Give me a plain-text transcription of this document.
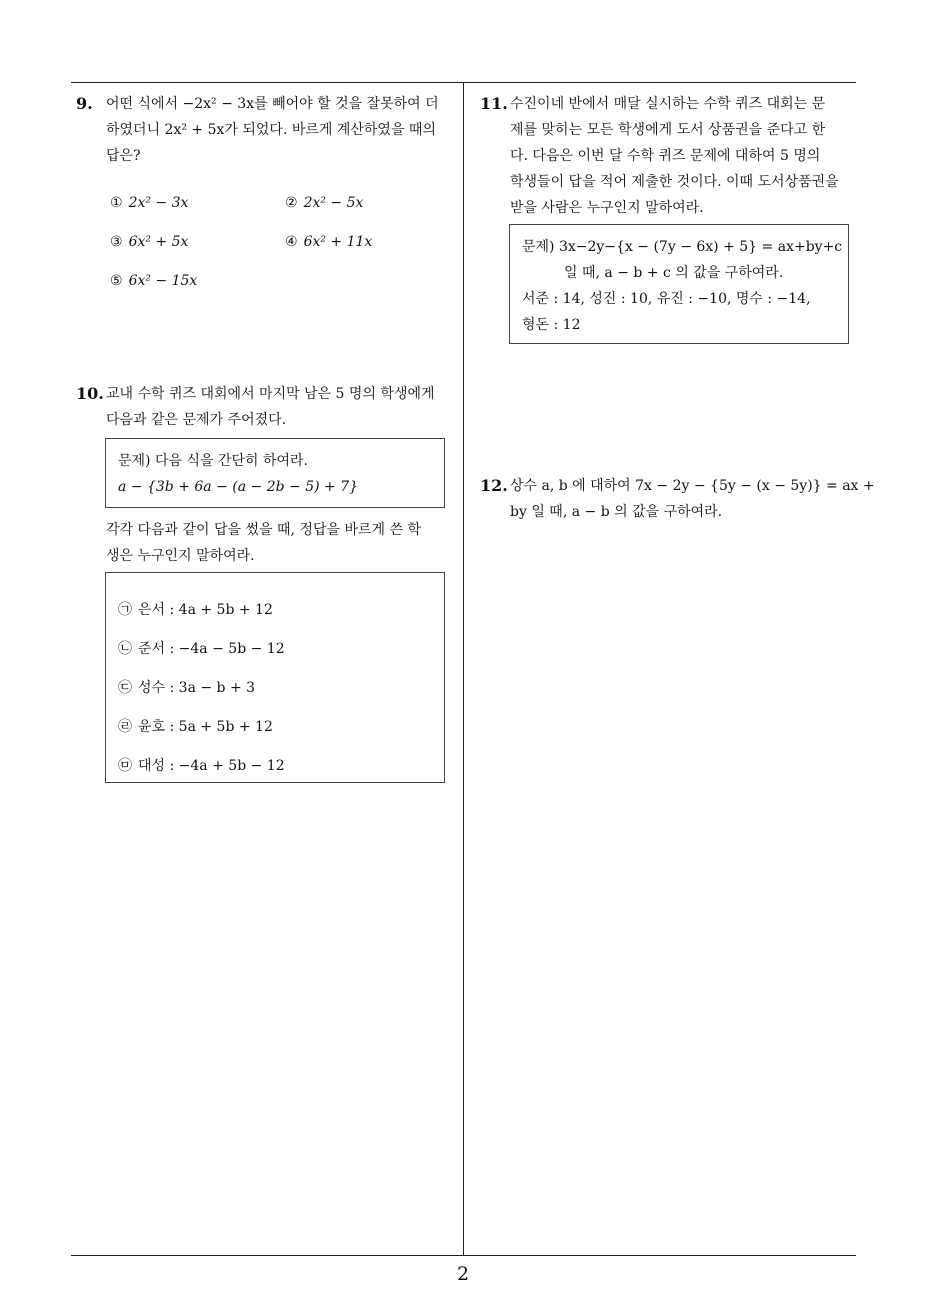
9. 어떤 식에서 −2x² − 3x를 빼어야 할 것을 잘못하여 더
하였더니 2x² + 5x가 되었다. 바르게 계산하였을 때의
답은?
① 2x² − 3x	② 2x² − 5x
③ 6x² + 5x	④ 6x² + 11x
⑤ 6x² − 15x
10. 교내 수학 퀴즈 대회에서 마지막 남은 5 명의 학생에게
다음과 같은 문제가 주어졌다.
문제) 다음 식을 간단히 하여라.
a − {3b + 6a − (a − 2b − 5) + 7}
각각 다음과 같이 답을 썼을 때, 정답을 바르게 쓴 학
생은 누구인지 말하여라.
㉠ 은서 : 4a + 5b + 12
㉡ 준서 : −4a − 5b − 12
㉢ 성수 : 3a − b + 3
㉣ 윤호 : 5a + 5b + 12
㉤ 대성 : −4a + 5b − 12
11. 수진이네 반에서 매달 실시하는 수학 퀴즈 대회는 문
제를 맞히는 모든 학생에게 도서 상품권을 준다고 한
다. 다음은 이번 달 수학 퀴즈 문제에 대하여 5 명의
학생들이 답을 적어 제출한 것이다. 이때 도서상품권을
받을 사람은 누구인지 말하여라.
문제) 3x−2y−{x − (7y − 6x) + 5} = ax+by+c
일 때, a − b + c 의 값을 구하여라.
서준 : 14, 성진 : 10, 유진 : −10, 명수 : −14,
형돈 : 12
12. 상수 a, b 에 대하여 7x − 2y − {5y − (x − 5y)} = ax +
by 일 때, a − b 의 값을 구하여라.
2
